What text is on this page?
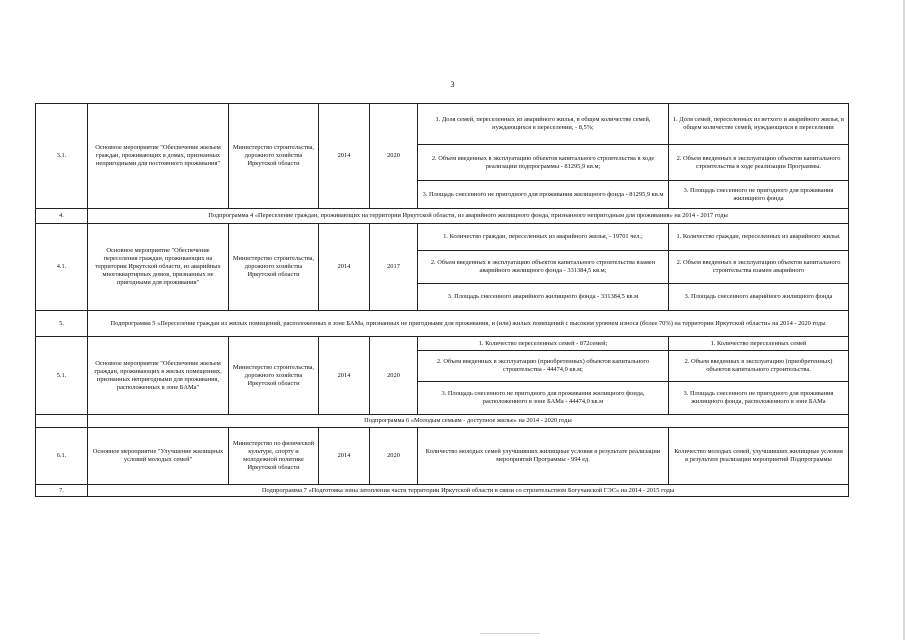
3
3.1.	Основное мероприятие "Обеспечение жильем граждан, проживающих в домах, признанных непригодными для постоянного проживания"	Министерство строительства, дорожного хозяйства Иркутской области	2014	2020	1. Доля семей, переселенных из аварийного жилья, в общем количестве семей, нуждающихся в переселении, - 8,5%;	1. Доля семей, переселенных из ветхого и аварийного жилья, в общем количестве семей, нуждающихся в переселении
					2. Объем введенных в эксплуатацию объектов капитального строительства в ходе реализации подпрограммы - 81295,9 кв.м;	2. Объем введенных в эксплуатацию объектов капитального строительства в ходе реализации Программы.
					3. Площадь снесенного не пригодного для проживания жилищного фонда - 81295,9 кв.м	3. Площадь снесенного не пригодного для проживания жилищного фонда
4.	Подпрограмма 4 «Переселение граждан, проживающих на территории Иркутской области, из аварийного жилищного фонда, признанного непригодным для проживания» на 2014 - 2017 годы					
4.1.	Основное мероприятие "Обеспечение переселения граждан, проживающих на территории Иркутской области, из аварийных многоквартирных домов, признанных не пригодными для проживания"	Министерство строительства, дорожного хозяйства Иркутской области	2014	2017	1. Количество граждан, переселенных из аварийного жилья, - 19701 чел.;	1. Количество граждан, переселенных из аварийного жилья.
					2. Объем введенных в эксплуатацию объектов капитального строительства взамен аварийного жилищного фонда - 331384,5 кв.м;	2. Объем введенных в эксплуатацию объектов капитального строительства взамен аварийного
					3. Площадь снесенного аварийного жилищного фонда - 331384,5 кв.м	3. Площадь снесенного аварийного жилищного фонда
5.	Подпрограмма 5 «Переселение граждан из жилых помещений, расположенных в зоне БАМа, признанных не пригодными для проживания, и (или) жилых помещений с высоким уровнем износа (более 70%) на территории Иркутской области» на 2014 - 2020 годы					
5.1.	Основное мероприятие "Обеспечение жильем граждан, проживающих в жилых помещениях, признанных непригодными для проживания, расположенных в зоне БАМа"	Министерство строительства, дорожного хозяйства Иркутской области	2014	2020	1. Количество переселенных семей - 872семей;	1. Количество переселенных семей
					2. Объем введенных в эксплуатацию (приобретенных) объектов капитального строительства - 44474,0 кв.м;	2. Объем введенных в эксплуатацию (приобретенных) объектов капитального строительства.
					3. Площадь снесенного не пригодного для проживания жилищного фонда, расположенного в зоне БАМа - 44474,0 кв.м	3. Площадь снесенного не пригодного для проживания жилищного фонда, расположенного в зоне БАМа
	Подпрограмма 6 «Молодым семьям - доступное жилье» на 2014 - 2020 годы					
6.1.	Основное мероприятие "Улучшение жилищных условий молодых семей"	Министерство по физической культуре, спорту и молодежной политике Иркутской области	2014	2020	Количество молодых семей улучшивших жилищные условия в результате реализации мероприятий Программы - 994 ед.	Количество молодых семей, улучшивших жилищные условия в результате реализации мероприятий Подпрограммы
7.	Подпрограмма 7 «Подготовка зоны затопления части территории Иркутской области в связи со строительством Богучанской ГЭС» на 2014 - 2015 годы					
